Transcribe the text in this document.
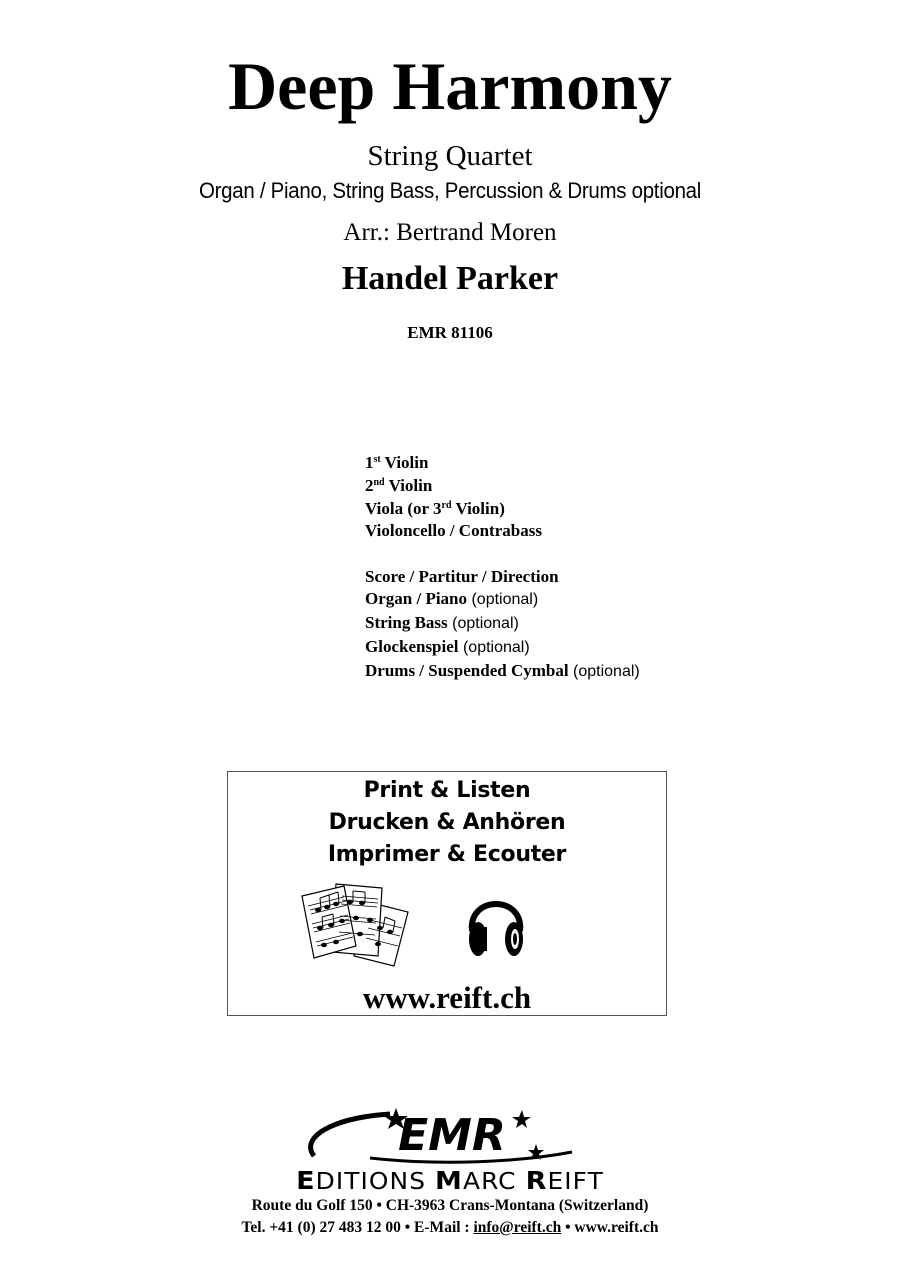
Deep Harmony
String Quartet
Organ / Piano, String Bass, Percussion & Drums optional
Arr.: Bertrand Moren
Handel Parker
EMR 81106
1st Violin
2nd Violin
Viola (or 3rd Violin)
Violoncello / Contrabass
Score / Partitur / Direction
Organ / Piano (optional)
String Bass (optional)
Glockenspiel (optional)
Drums / Suspended Cymbal (optional)
Print & Listen
Drucken & Anhören
Imprimer & Ecouter
www.reift.ch
EMR
EDITIONS MARC REIFT
Route du Golf 150 • CH-3963 Crans-Montana (Switzerland)
Tel. +41 (0) 27 483 12 00 • E-Mail : info@reift.ch • www.reift.ch
